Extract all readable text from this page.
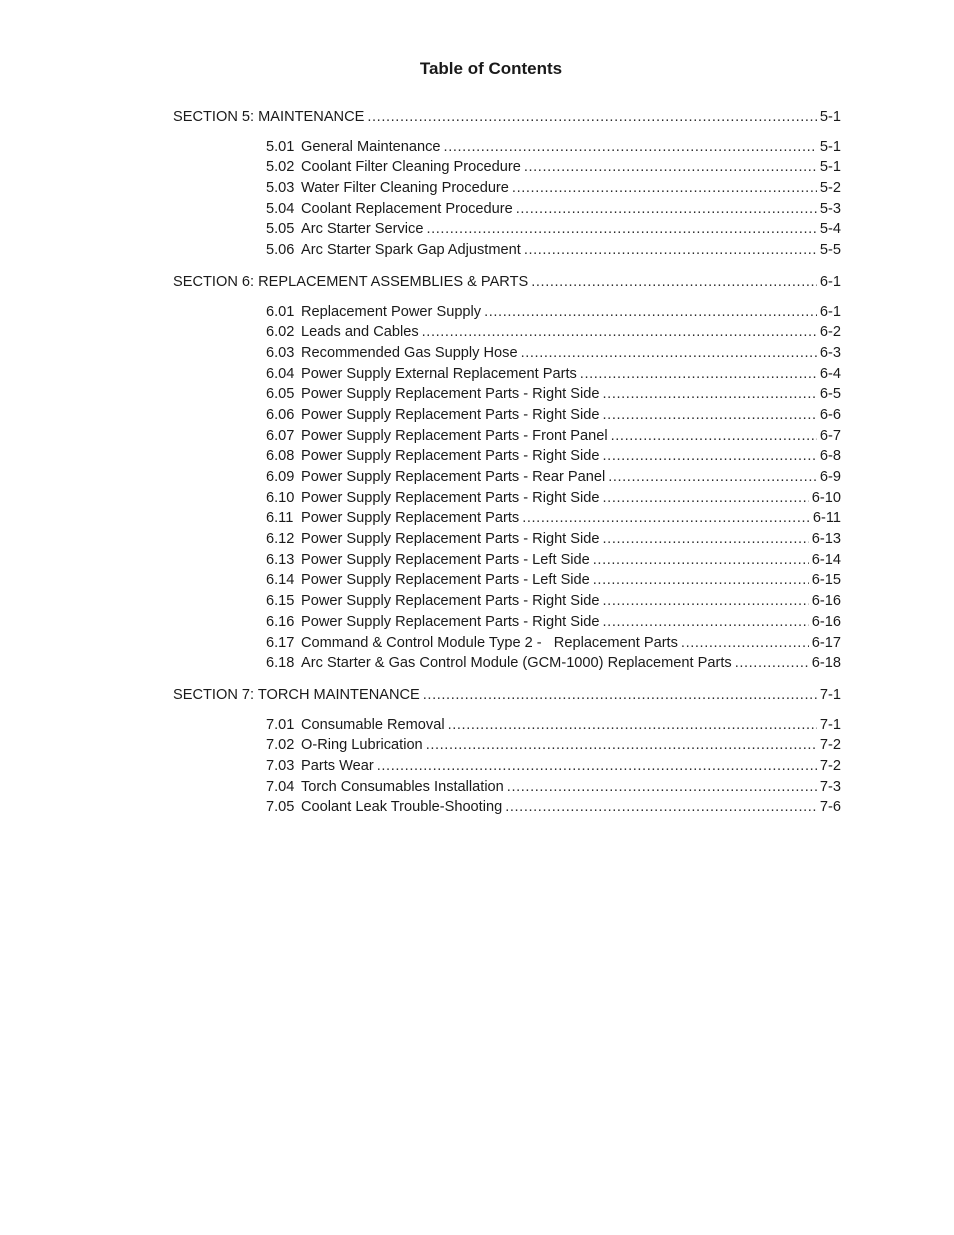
Table of Contents
SECTION 5: MAINTENANCE .....	5-1
5.01 General Maintenance .....	5-1
5.02 Coolant Filter Cleaning Procedure .....	5-1
5.03 Water Filter Cleaning Procedure .....	5-2
5.04 Coolant Replacement Procedure .....	5-3
5.05 Arc Starter Service .....	5-4
5.06 Arc Starter Spark Gap Adjustment .....	5-5
SECTION 6: REPLACEMENT ASSEMBLIES & PARTS .....	6-1
6.01 Replacement Power Supply .....	6-1
6.02 Leads and Cables .....	6-2
6.03 Recommended Gas Supply Hose .....	6-3
6.04 Power Supply External Replacement Parts .....	6-4
6.05 Power Supply Replacement Parts - Right Side .....	6-5
6.06 Power Supply Replacement Parts - Right Side .....	6-6
6.07 Power Supply Replacement Parts - Front Panel .....	6-7
6.08 Power Supply Replacement Parts - Right Side .....	6-8
6.09 Power Supply Replacement Parts - Rear Panel .....	6-9
6.10 Power Supply Replacement Parts - Right Side .....	6-10
6.11 Power Supply Replacement Parts .....	6-11
6.12 Power Supply Replacement Parts - Right Side .....	6-13
6.13 Power Supply Replacement Parts - Left Side .....	6-14
6.14 Power Supply Replacement Parts - Left Side .....	6-15
6.15 Power Supply Replacement Parts - Right Side .....	6-16
6.16 Power Supply Replacement Parts - Right Side .....	6-16
6.17 Command & Control Module Type 2 -   Replacement Parts .....	6-17
6.18 Arc Starter & Gas Control Module (GCM-1000) Replacement Parts .....	6-18
SECTION 7: TORCH MAINTENANCE .....	7-1
7.01 Consumable Removal .....	7-1
7.02 O-Ring Lubrication .....	7-2
7.03 Parts Wear .....	7-2
7.04 Torch Consumables Installation .....	7-3
7.05 Coolant Leak Trouble-Shooting .....	7-6
